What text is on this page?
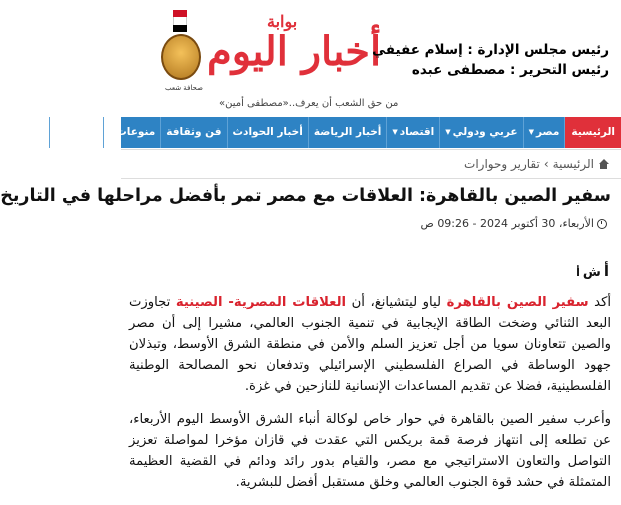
صحافة شعب
بوابة
أخبار اليوم
من حق الشعب أن يعرف..«مصطفى أمين»
رئيس مجلس الإدارة : إسلام عفيفي
رئيس التحرير : مصطفى عبده
الرئيسية
مصر
▼
عربي ودولي
▼
اقتصاد
▼
أخبار الرياضة
أخبار الحوادث
فن وثقافة
منوعات
▼
علوم و
▼
الرئيسية
›
تقارير وحوارات
سفير الصين بالقاهرة: العلاقات مع مصر تمر بأفضل مراحلها في التاريخ
الأربعاء، 30 أكتوبر 2024 - 09:26 ص
أ
ش
أ

أكد سفير الصين بالقاهرة لياو ليتشيانغ، أن العلاقات المصرية- الصينية تجاوزت البعد الثنائي وضخت الطاقة الإيجابية في تنمية الجنوب العالمي، مشيرا إلى أن مصر والصين تتعاونان سويا من أجل تعزيز السلم والأمن في منطقة الشرق الأوسط، وتبذلان جهود الوساطة في الصراع الفلسطيني الإسرائيلي وتدفعان نحو المصالحة الوطنية الفلسطينية، فضلا عن تقديم المساعدات الإنسانية للنازحين في غزة.

وأعرب سفير الصين بالقاهرة في حوار خاص لوكالة أنباء الشرق الأوسط اليوم الأربعاء، عن تطلعه إلى انتهاز فرصة قمة بريكس التي عقدت في قازان مؤخرا لمواصلة تعزيز التواصل والتعاون الاستراتيجي مع مصر، والقيام بدور رائد ودائم في القضية العظيمة المتمثلة في حشد قوة الجنوب العالمي وخلق مستقبل أفضل للبشرية.
